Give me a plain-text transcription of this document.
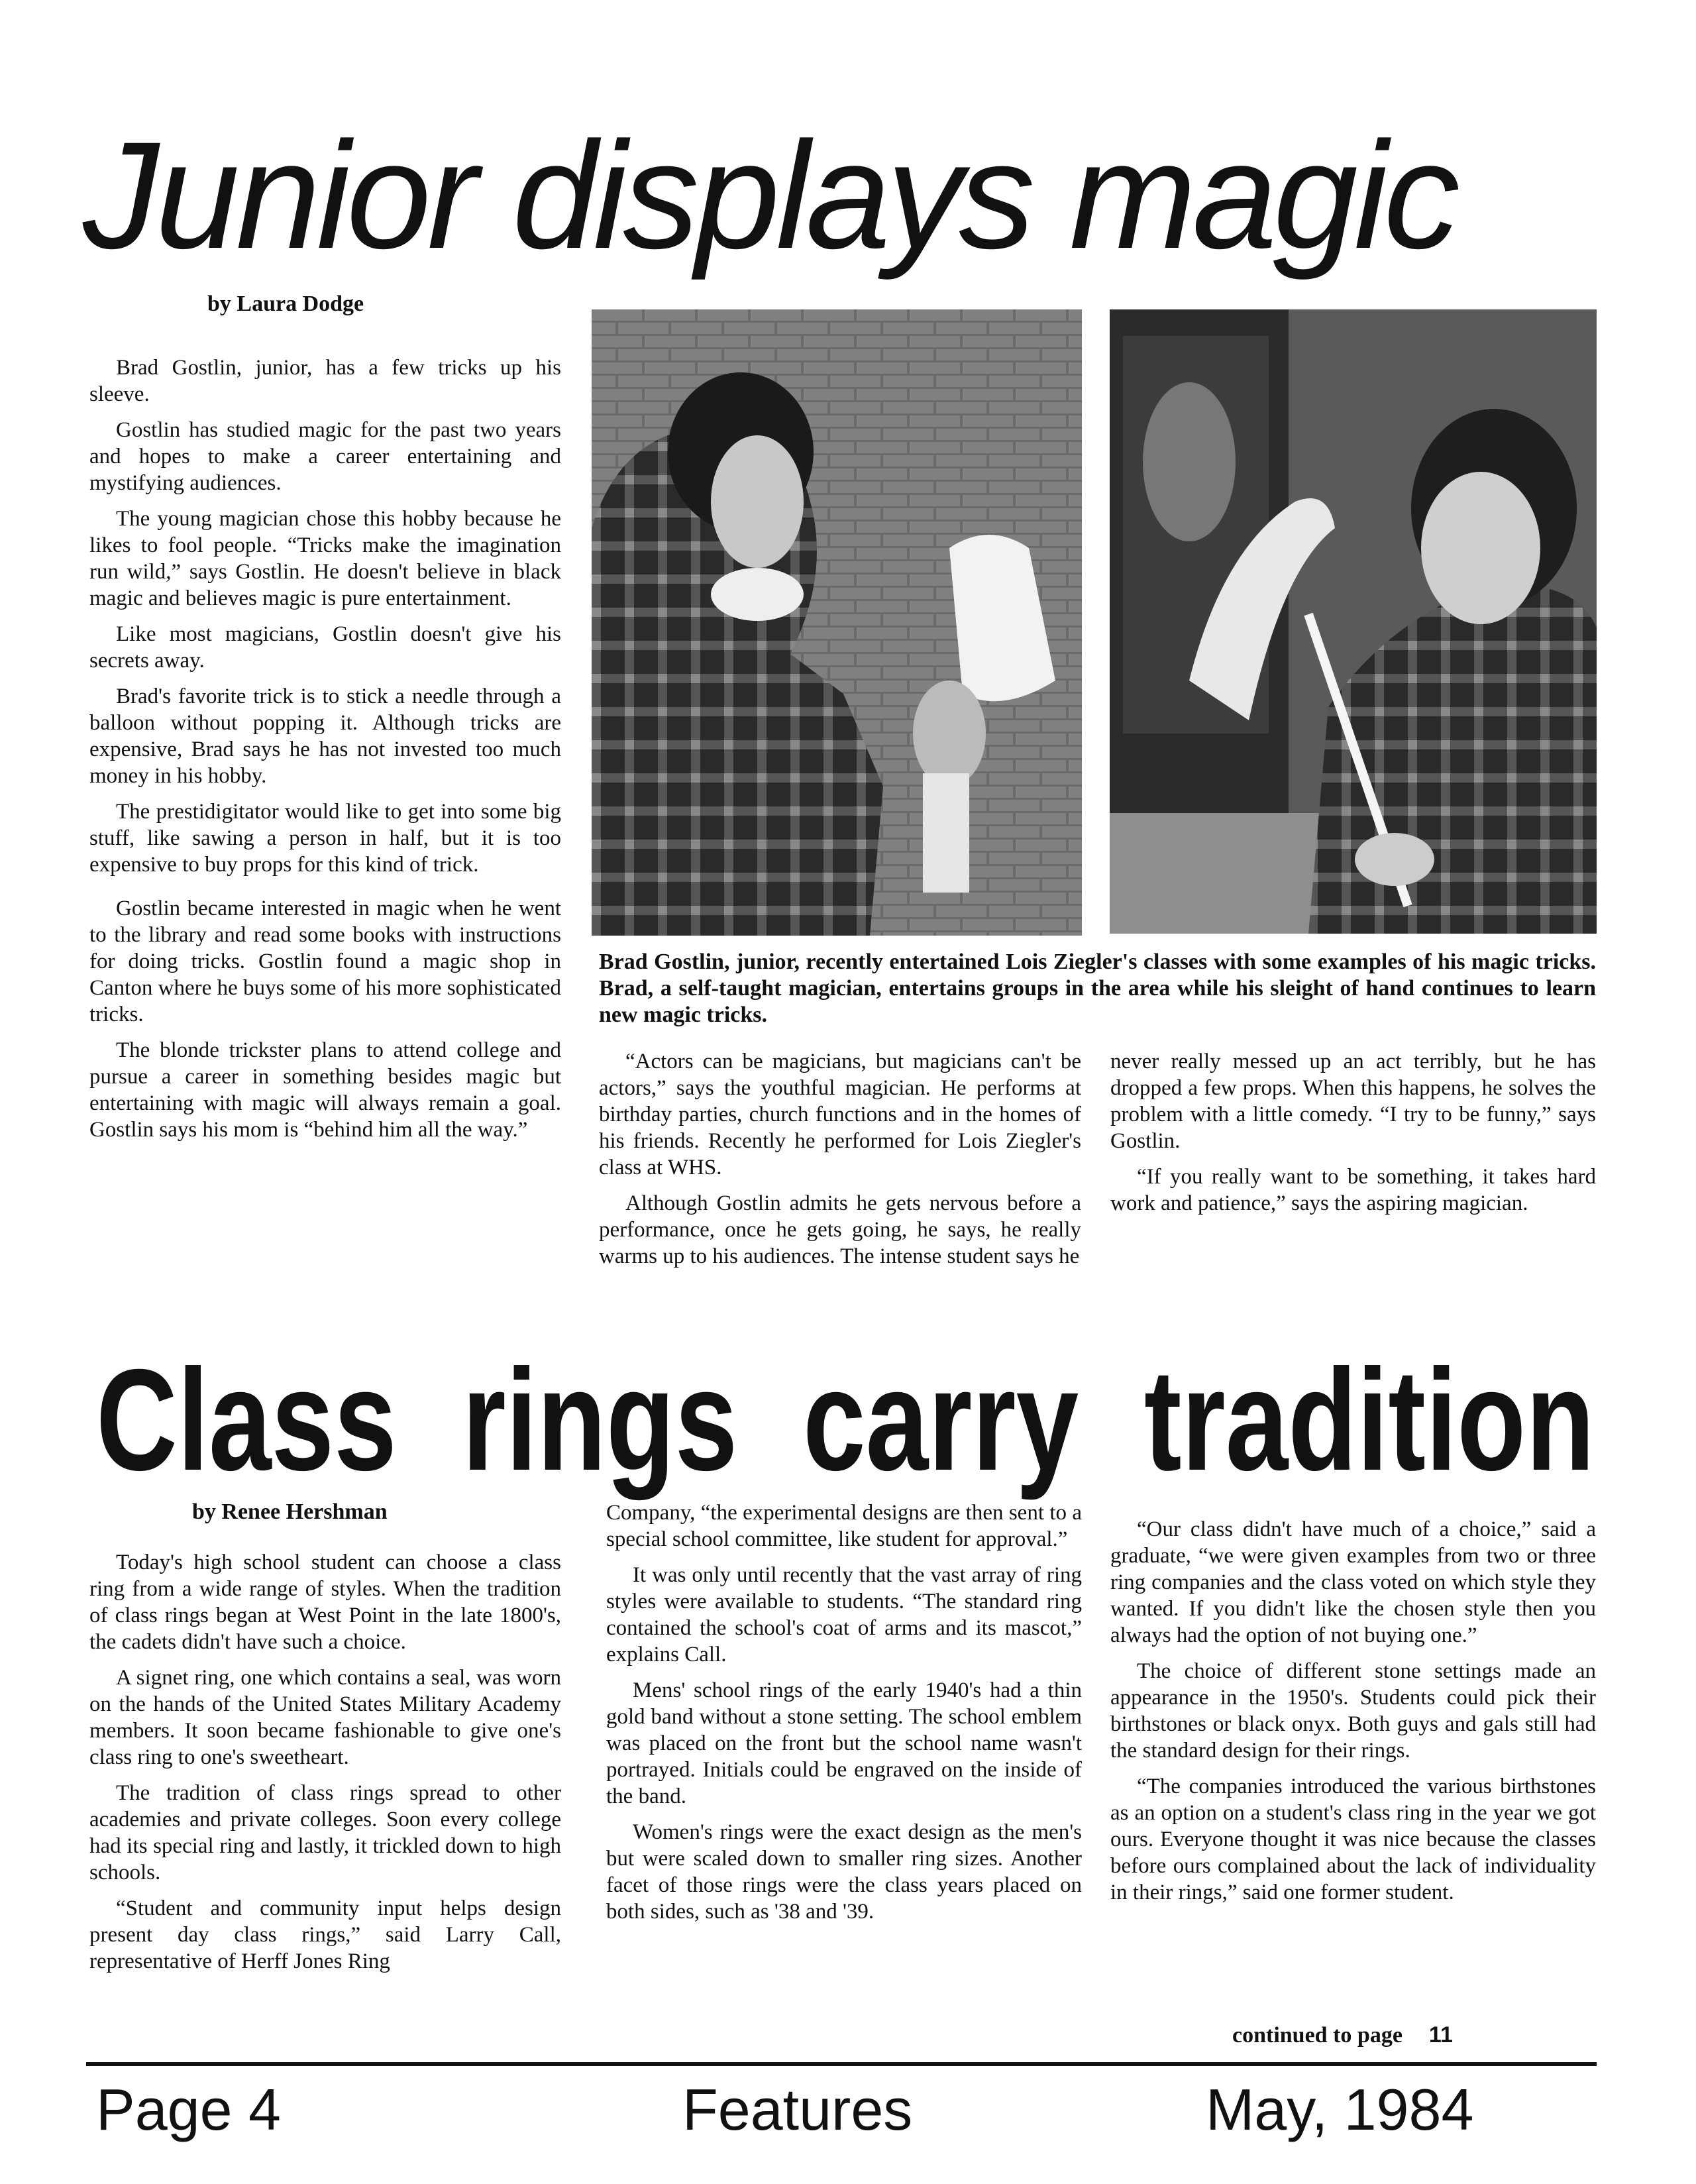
Junior displays magic
by Laura Dodge

Brad Gostlin, junior, has a few tricks up his sleeve.

Gostlin has studied magic for the past two years and hopes to make a career entertaining and mystifying audiences.

The young magician chose this hobby because he likes to fool people. “Tricks make the imagination run wild,” says Gostlin. He doesn't believe in black magic and believes magic is pure entertainment.

Like most magicians, Gostlin doesn't give his secrets away.

Brad's favorite trick is to stick a needle through a balloon without popping it. Although tricks are expensive, Brad says he has not invested too much money in his hobby.

The prestidigitator would like to get into some big stuff, like sawing a person in half, but it is too expensive to buy props for this kind of trick.

Gostlin became interested in magic when he went to the library and read some books with instructions for doing tricks. Gostlin found a magic shop in Canton where he buys some of his more sophisticated tricks.

The blonde trickster plans to attend college and pursue a career in something besides magic but entertaining with magic will always remain a goal. Gostlin says his mom is “behind him all the way.”

Brad Gostlin, junior, recently entertained Lois Ziegler's classes with some examples of his magic tricks. Brad, a self-taught magician, entertains groups in the area while his sleight of hand continues to learn new magic tricks.

“Actors can be magicians, but magicians can't be actors,” says the youthful magician. He performs at birthday parties, church functions and in the homes of his friends. Recently he performed for Lois Ziegler's class at WHS.

Although Gostlin admits he gets nervous before a performance, once he gets going, he says, he really warms up to his audiences. The intense student says he

never really messed up an act terribly, but he has dropped a few props. When this happens, he solves the problem with a little comedy. “I try to be funny,” says Gostlin.

“If you really want to be something, it takes hard work and patience,” says the aspiring magician.

Class rings carry tradition
by Renee Hershman

Today's high school student can choose a class ring from a wide range of styles. When the tradition of class rings began at West Point in the late 1800's, the cadets didn't have such a choice.

A signet ring, one which contains a seal, was worn on the hands of the United States Military Academy members. It soon became fashionable to give one's class ring to one's sweetheart.

The tradition of class rings spread to other academies and private colleges. Soon every college had its special ring and lastly, it trickled down to high schools.

“Student and community input helps design present day class rings,” said Larry Call, representative of Herff Jones Ring

Company, “the experimental designs are then sent to a special school committee, like student for approval.”

It was only until recently that the vast array of ring styles were available to students. “The standard ring contained the school's coat of arms and its mascot,” explains Call.

Mens' school rings of the early 1940's had a thin gold band without a stone setting. The school emblem was placed on the front but the school name wasn't portrayed. Initials could be engraved on the inside of the band.

Women's rings were the exact design as the men's but were scaled down to smaller ring sizes. Another facet of those rings were the class years placed on both sides, such as '38 and '39.

“Our class didn't have much of a choice,” said a graduate, “we were given examples from two or three ring companies and the class voted on which style they wanted. If you didn't like the chosen style then you always had the option of not buying one.”

The choice of different stone settings made an appearance in the 1950's. Students could pick their birthstones or black onyx. Both guys and gals still had the standard design for their rings.

“The companies introduced the various birthstones as an option on a student's class ring in the year we got ours. Everyone thought it was nice because the classes before ours complained about the lack of individuality in their rings,” said one former student.

continued to page 11
Page 4	Features	May, 1984
